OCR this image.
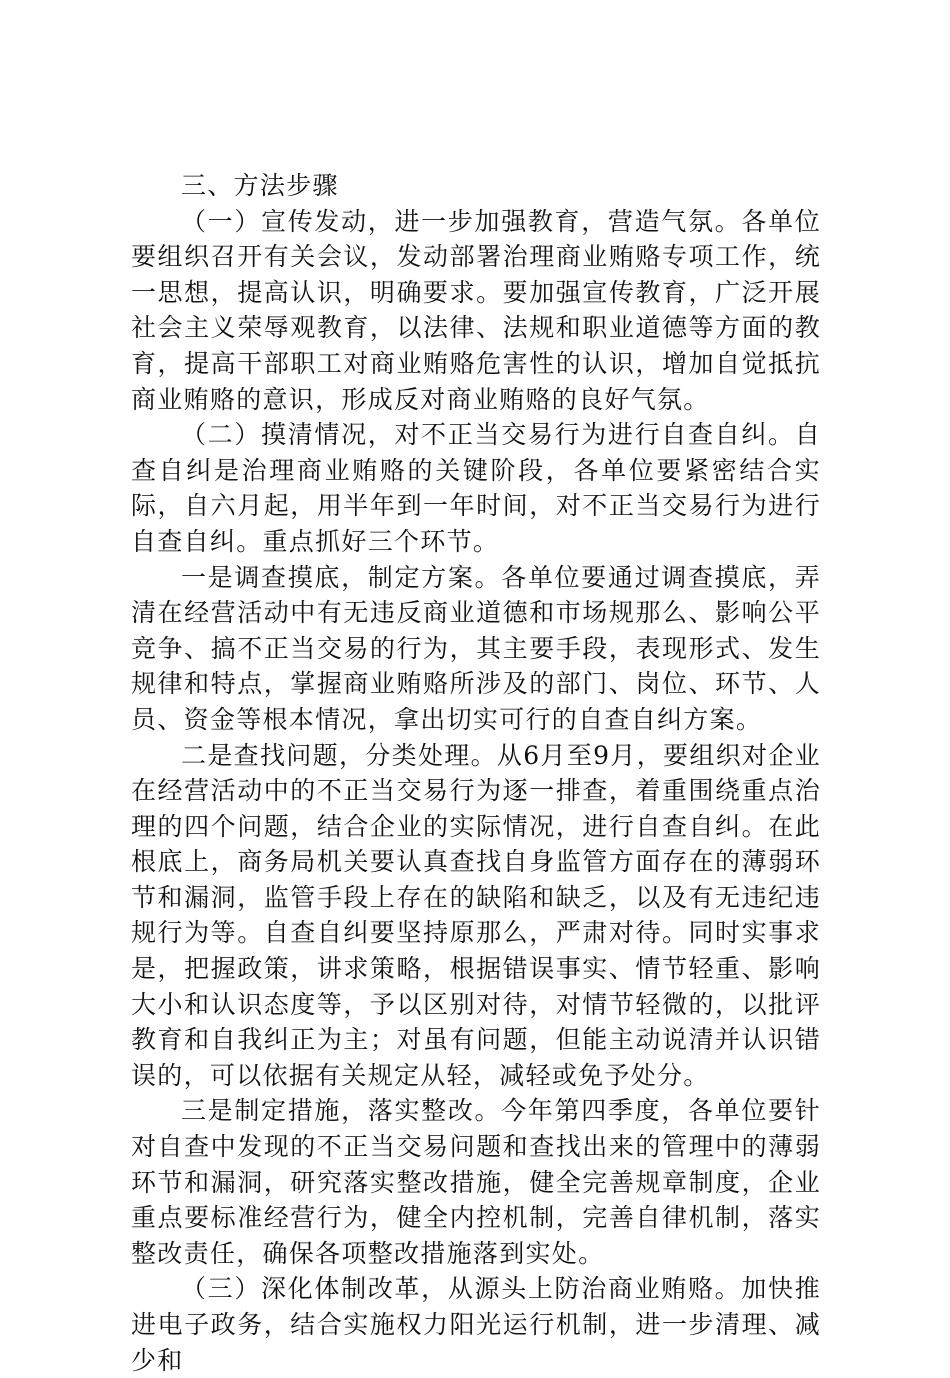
三、方法步骤

（一）宣传发动，进一步加强教育，营造气氛。各单位要组织召开有关会议，发动部署治理商业贿赂专项工作，统一思想，提高认识，明确要求。要加强宣传教育，广泛开展社会主义荣辱观教育，以法律、法规和职业道德等方面的教育，提高干部职工对商业贿赂危害性的认识，增加自觉抵抗商业贿赂的意识，形成反对商业贿赂的良好气氛。

（二）摸清情况，对不正当交易行为进行自查自纠。自查自纠是治理商业贿赂的关键阶段，各单位要紧密结合实际，自六月起，用半年到一年时间，对不正当交易行为进行自查自纠。重点抓好三个环节。

一是调查摸底，制定方案。各单位要通过调查摸底，弄清在经营活动中有无违反商业道德和市场规那么、影响公平竞争、搞不正当交易的行为，其主要手段，表现形式、发生规律和特点，掌握商业贿赂所涉及的部门、岗位、环节、人员、资金等根本情况，拿出切实可行的自查自纠方案。

二是查找问题，分类处理。从6月至9月，要组织对企业在经营活动中的不正当交易行为逐一排查，着重围绕重点治理的四个问题，结合企业的实际情况，进行自查自纠。在此根底上，商务局机关要认真查找自身监管方面存在的薄弱环节和漏洞，监管手段上存在的缺陷和缺乏，以及有无违纪违规行为等。自查自纠要坚持原那么，严肃对待。同时实事求是，把握政策，讲求策略，根据错误事实、情节轻重、影响大小和认识态度等，予以区别对待，对情节轻微的，以批评教育和自我纠正为主；对虽有问题，但能主动说清并认识错误的，可以依据有关规定从轻，减轻或免予处分。

三是制定措施，落实整改。今年第四季度，各单位要针对自查中发现的不正当交易问题和查找出来的管理中的薄弱环节和漏洞，研究落实整改措施，健全完善规章制度，企业重点要标准经营行为，健全内控机制，完善自律机制，落实整改责任，确保各项整改措施落到实处。

（三）深化体制改革，从源头上防治商业贿赂。加快推进电子政务，结合实施权力阳光运行机制，进一步清理、减少和
